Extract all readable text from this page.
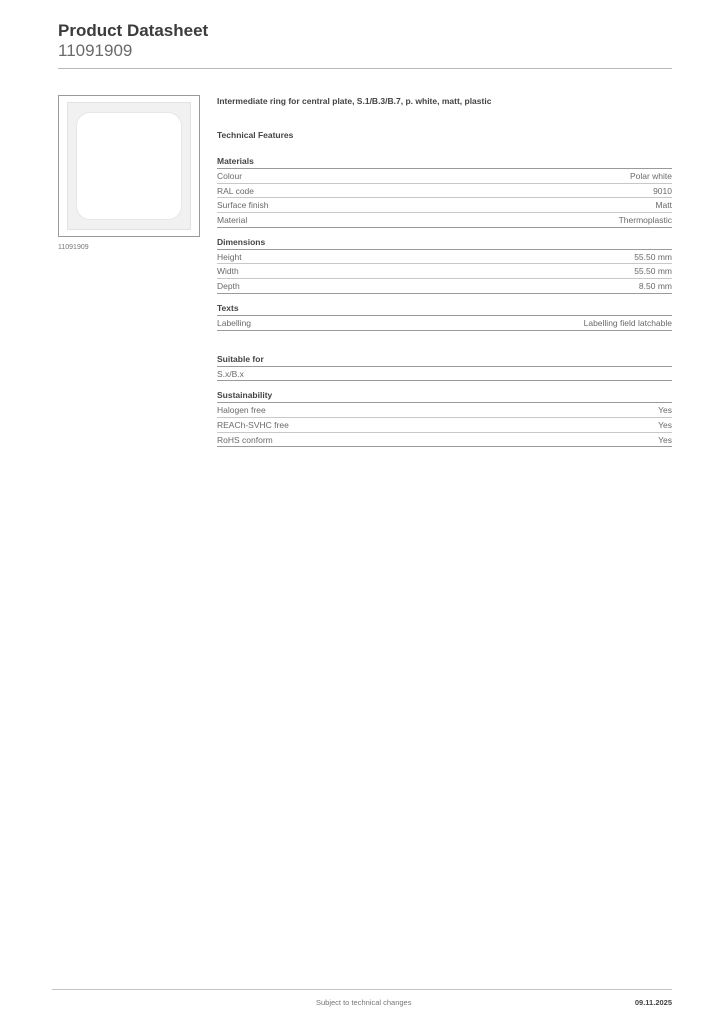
Product Datasheet
11091909
11091909
Intermediate ring for central plate, S.1/B.3/B.7, p. white, matt, plastic
Technical Features
Materials
Colour	Polar white
RAL code	9010
Surface finish	Matt
Material	Thermoplastic
Dimensions
Height	55.50 mm
Width	55.50 mm
Depth	8.50 mm
Texts
Labelling	Labelling field latchable
Suitable for
S.x/B.x
Sustainability
Halogen free	Yes
REACh-SVHC free	Yes
RoHS conform	Yes
Subject to technical changes	09.11.2025
